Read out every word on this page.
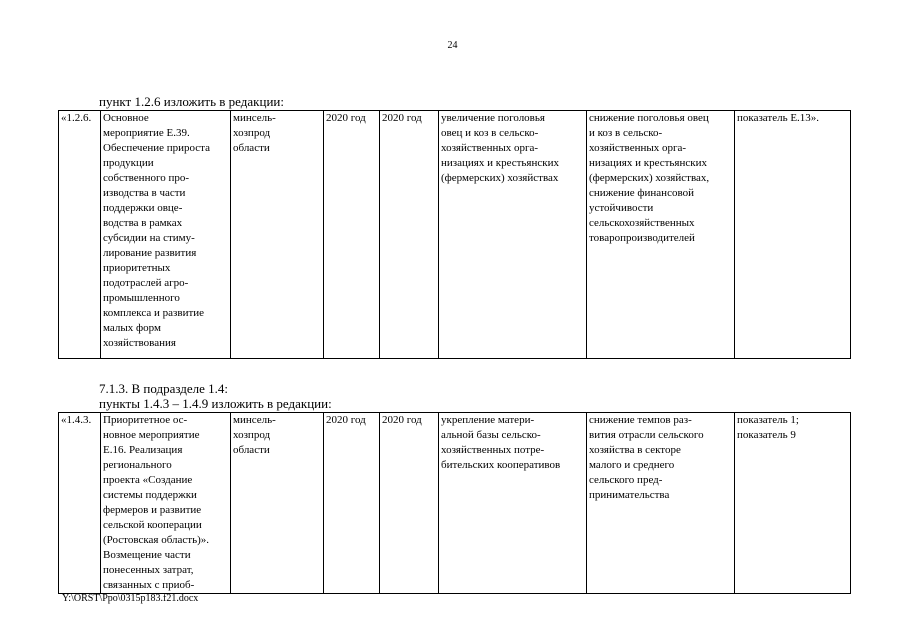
24
пункт 1.2.6 изложить в редакции:
«1.2.6.	Основное
мероприятие Е.39.
Обеспечение прироста
продукции
собственного про-
изводства в части
поддержки овце-
водства в рамках
субсидии на стиму-
лирование развития
приоритетных
подотраслей агро-
промышленного
комплекса и развитие
малых форм
хозяйствования	минсель-
хозпрод
области	2020 год	2020 год	увеличение поголовья
овец и коз в сельско-
хозяйственных орга-
низациях и крестьянских
(фермерских) хозяйствах	снижение поголовья овец
и коз в сельско-
хозяйственных орга-
низациях и крестьянских
(фермерских) хозяйствах,
снижение финансовой
устойчивости
сельскохозяйственных
товаропроизводителей	показатель Е.13».
7.1.3. В подразделе 1.4:
пункты 1.4.3 – 1.4.9 изложить в редакции:
«1.4.3.	Приоритетное ос-
новное мероприятие
Е.16. Реализация
регионального
проекта «Создание
системы поддержки
фермеров и развитие
сельской кооперации
(Ростовская область)».
Возмещение части
понесенных затрат,
связанных с приоб-	минсель-
хозпрод
области	2020 год	2020 год	укрепление матери-
альной базы сельско-
хозяйственных потре-
бительских кооперативов	снижение темпов раз-
вития отрасли сельского
хозяйства в секторе
малого и среднего
сельского пред-
принимательства	показатель 1;
показатель 9
Y:\ORST\Ppo\0315p183.f21.docx
